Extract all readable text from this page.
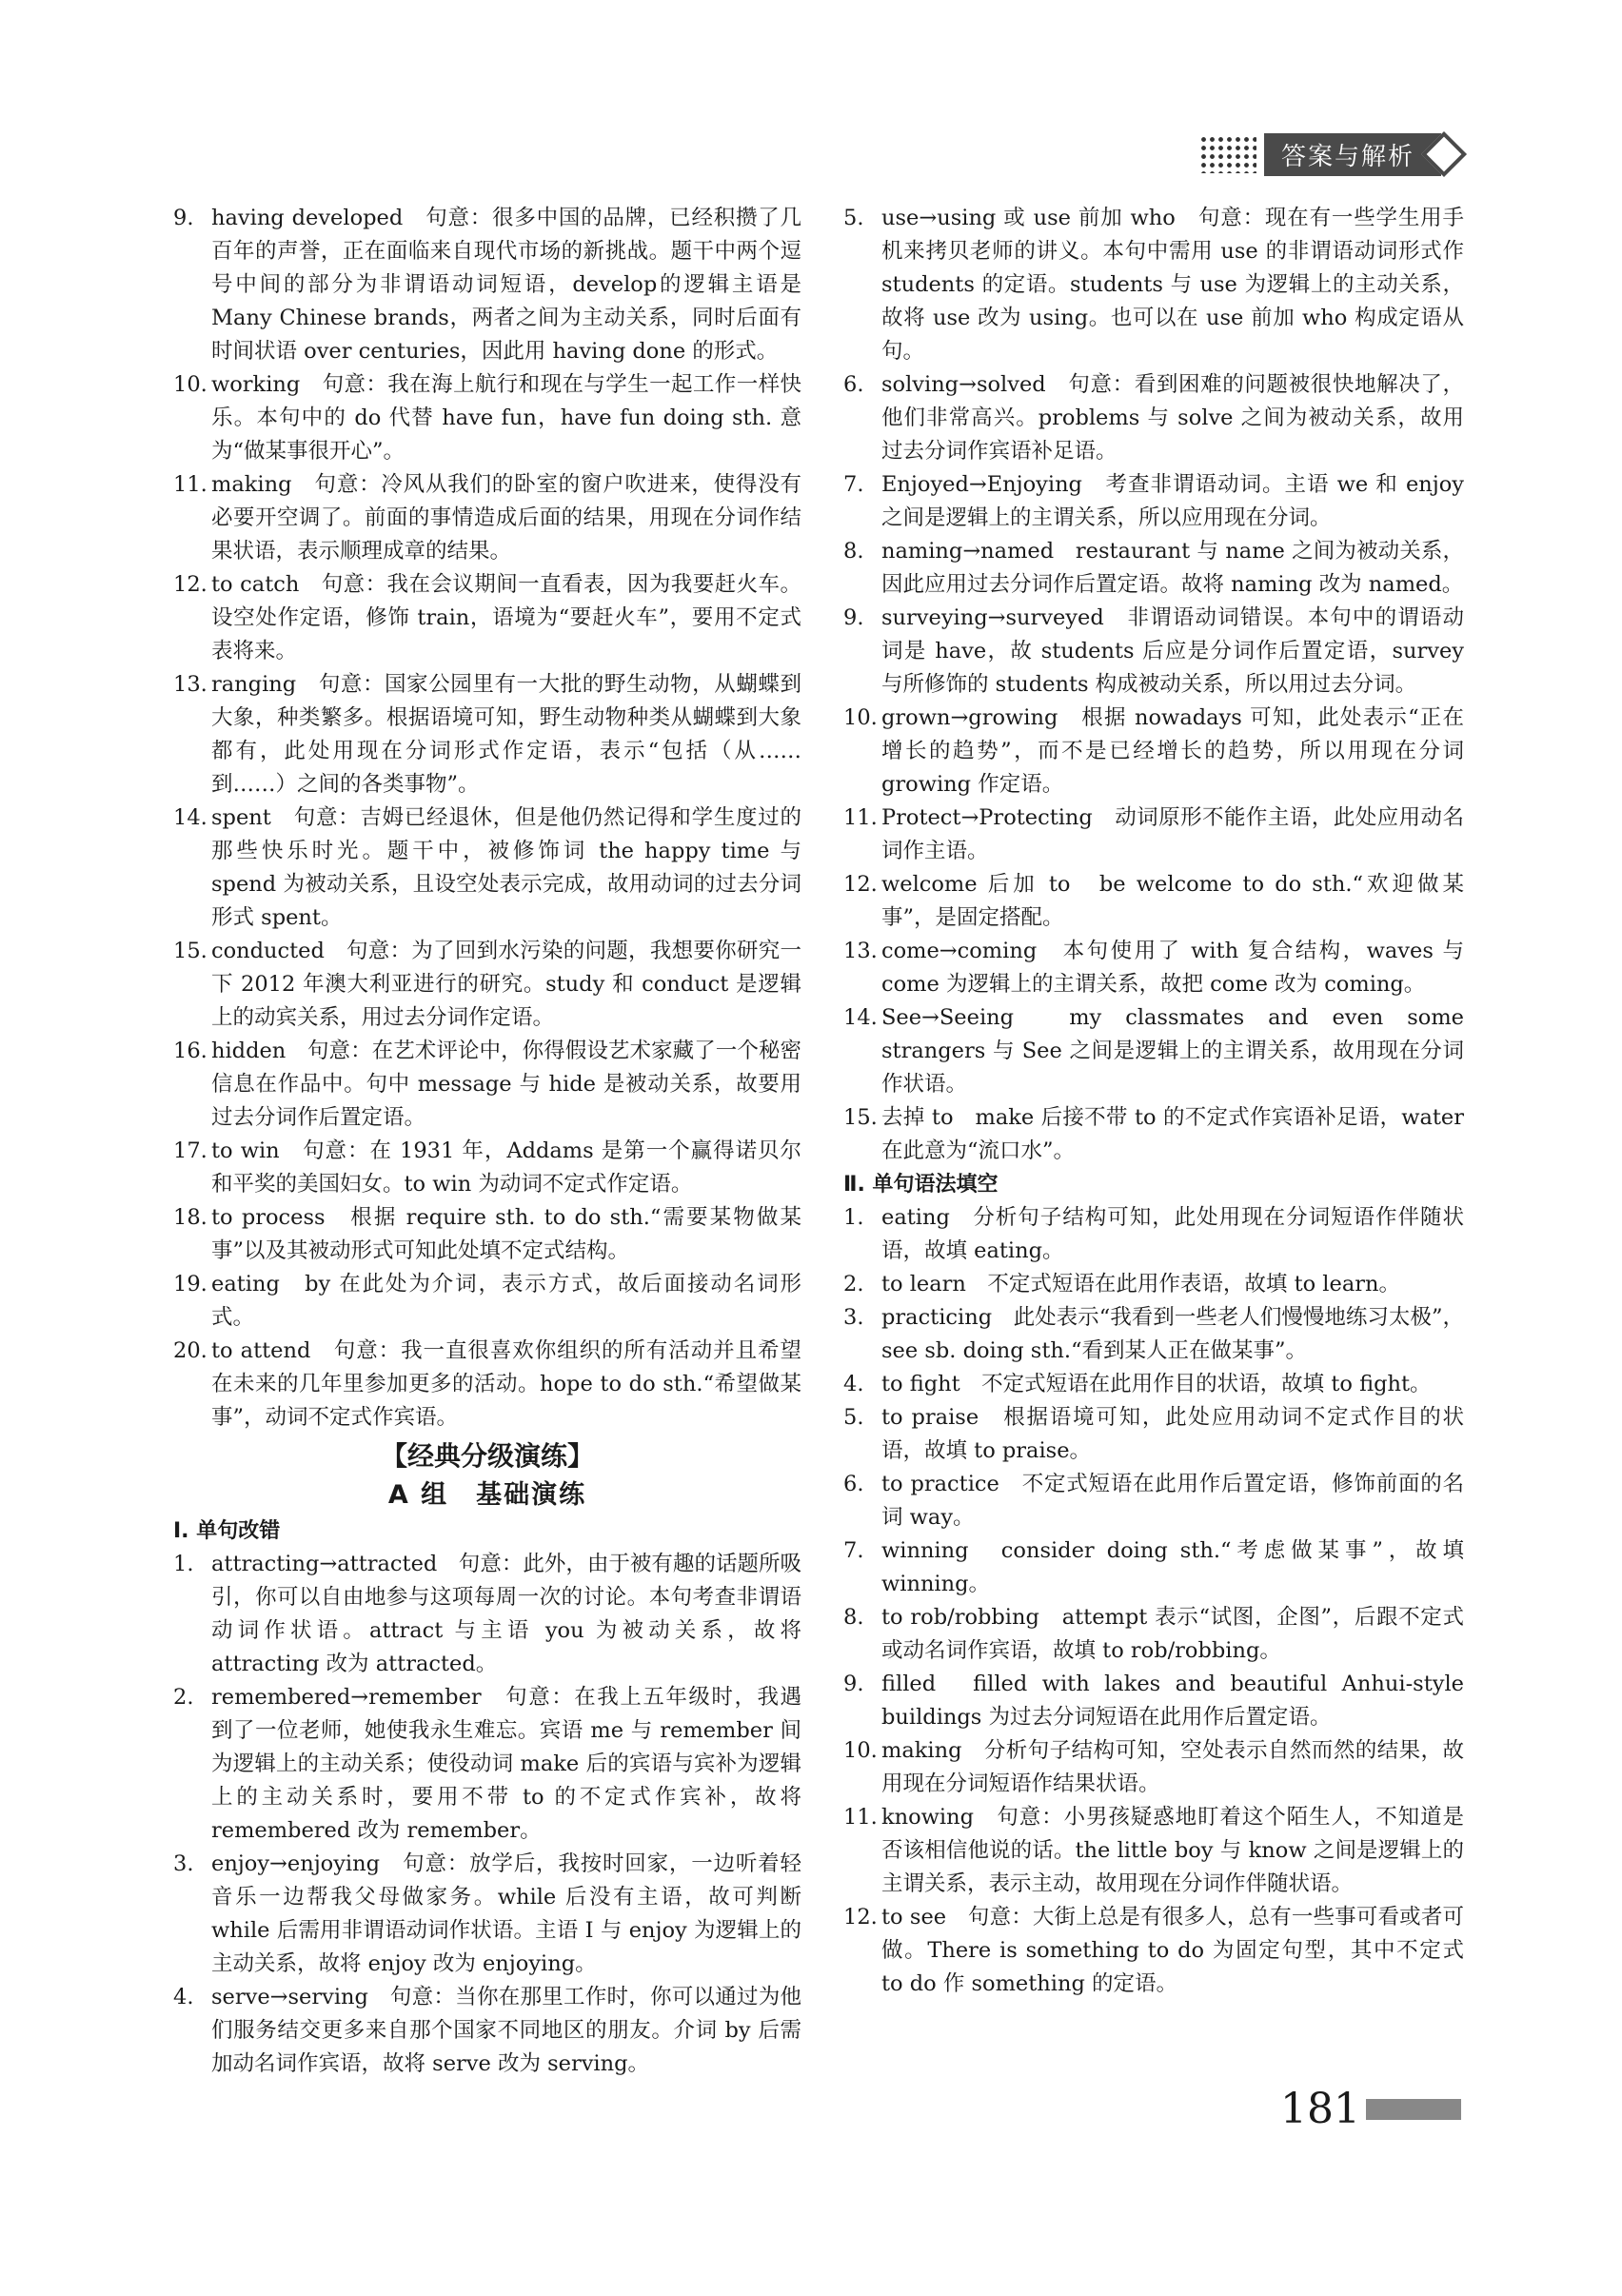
答案与解析
9. having developed　句意：很多中国的品牌，已经积攒了几百年的声誉，正在面临来自现代市场的新挑战。题干中两个逗号中间的部分为非谓语动词短语，develop的逻辑主语是 Many Chinese brands，两者之间为主动关系，同时后面有时间状语 over centuries，因此用 having done 的形式。
10. working　句意：我在海上航行和现在与学生一起工作一样快乐。本句中的 do 代替 have fun，have fun doing sth. 意为“做某事很开心”。
11. making　句意：冷风从我们的卧室的窗户吹进来，使得没有必要开空调了。前面的事情造成后面的结果，用现在分词作结果状语，表示顺理成章的结果。
12. to catch　句意：我在会议期间一直看表，因为我要赶火车。设空处作定语，修饰 train，语境为“要赶火车”，要用不定式表将来。
13. ranging　句意：国家公园里有一大批的野生动物，从蝴蝶到大象，种类繁多。根据语境可知，野生动物种类从蝴蝶到大象都有，此处用现在分词形式作定语，表示“包括（从……到……）之间的各类事物”。
14. spent　句意：吉姆已经退休，但是他仍然记得和学生度过的那些快乐时光。题干中，被修饰词 the happy time 与 spend 为被动关系，且设空处表示完成，故用动词的过去分词形式 spent。
15. conducted　句意：为了回到水污染的问题，我想要你研究一下 2012 年澳大利亚进行的研究。study 和 conduct 是逻辑上的动宾关系，用过去分词作定语。
16. hidden　句意：在艺术评论中，你得假设艺术家藏了一个秘密信息在作品中。句中 message 与 hide 是被动关系，故要用过去分词作后置定语。
17. to win　句意：在 1931 年，Addams 是第一个赢得诺贝尔和平奖的美国妇女。to win 为动词不定式作定语。
18. to process　根据 require sth. to do sth.“需要某物做某事”以及其被动形式可知此处填不定式结构。
19. eating　by 在此处为介词，表示方式，故后面接动名词形式。
20. to attend　句意：我一直很喜欢你组织的所有活动并且希望在未来的几年里参加更多的活动。hope to do sth.“希望做某事”，动词不定式作宾语。
【经典分级演练】
A 组　基础演练
Ⅰ. 单句改错
1. attracting→attracted　句意：此外，由于被有趣的话题所吸引，你可以自由地参与这项每周一次的讨论。本句考查非谓语动词作状语。attract 与主语 you 为被动关系，故将 attracting 改为 attracted。
2. remembered→remember　句意：在我上五年级时，我遇到了一位老师，她使我永生难忘。宾语 me 与 remember 间为逻辑上的主动关系；使役动词 make 后的宾语与宾补为逻辑上的主动关系时，要用不带 to 的不定式作宾补，故将 remembered 改为 remember。
3. enjoy→enjoying　句意：放学后，我按时回家，一边听着轻音乐一边帮我父母做家务。while 后没有主语，故可判断 while 后需用非谓语动词作状语。主语 I 与 enjoy 为逻辑上的主动关系，故将 enjoy 改为 enjoying。
4. serve→serving　句意：当你在那里工作时，你可以通过为他们服务结交更多来自那个国家不同地区的朋友。介词 by 后需加动名词作宾语，故将 serve 改为 serving。
5. use→using 或 use 前加 who　句意：现在有一些学生用手机来拷贝老师的讲义。本句中需用 use 的非谓语动词形式作 students 的定语。students 与 use 为逻辑上的主动关系，故将 use 改为 using。也可以在 use 前加 who 构成定语从句。
6. solving→solved　句意：看到困难的问题被很快地解决了，他们非常高兴。problems 与 solve 之间为被动关系，故用过去分词作宾语补足语。
7. Enjoyed→Enjoying　考查非谓语动词。主语 we 和 enjoy 之间是逻辑上的主谓关系，所以应用现在分词。
8. naming→named　restaurant 与 name 之间为被动关系，因此应用过去分词作后置定语。故将 naming 改为 named。
9. surveying→surveyed　非谓语动词错误。本句中的谓语动词是 have，故 students 后应是分词作后置定语，survey 与所修饰的 students 构成被动关系，所以用过去分词。
10. grown→growing　根据 nowadays 可知，此处表示“正在增长的趋势”，而不是已经增长的趋势，所以用现在分词 growing 作定语。
11. Protect→Protecting　动词原形不能作主语，此处应用动名词作主语。
12. welcome 后加 to　be welcome to do sth.“欢迎做某事”，是固定搭配。
13. come→coming　本句使用了 with 复合结构，waves 与 come 为逻辑上的主谓关系，故把 come 改为 coming。
14. See→Seeing　my classmates and even some strangers 与 See 之间是逻辑上的主谓关系，故用现在分词作状语。
15. 去掉 to　make 后接不带 to 的不定式作宾语补足语，water 在此意为“流口水”。
Ⅱ. 单句语法填空
1. eating　分析句子结构可知，此处用现在分词短语作伴随状语，故填 eating。
2. to learn　不定式短语在此用作表语，故填 to learn。
3. practicing　此处表示“我看到一些老人们慢慢地练习太极”，see sb. doing sth.“看到某人正在做某事”。
4. to fight　不定式短语在此用作目的状语，故填 to fight。
5. to praise　根据语境可知，此处应用动词不定式作目的状语，故填 to praise。
6. to practice　不定式短语在此用作后置定语，修饰前面的名词 way。
7. winning　consider doing sth.“考虑做某事”，故填 winning。
8. to rob/robbing　attempt 表示“试图，企图”，后跟不定式或动名词作宾语，故填 to rob/robbing。
9. filled　filled with lakes and beautiful Anhui-style buildings 为过去分词短语在此用作后置定语。
10. making　分析句子结构可知，空处表示自然而然的结果，故用现在分词短语作结果状语。
11. knowing　句意：小男孩疑惑地盯着这个陌生人，不知道是否该相信他说的话。the little boy 与 know 之间是逻辑上的主谓关系，表示主动，故用现在分词作伴随状语。
12. to see　句意：大街上总是有很多人，总有一些事可看或者可做。There is something to do 为固定句型，其中不定式 to do 作 something 的定语。
181
